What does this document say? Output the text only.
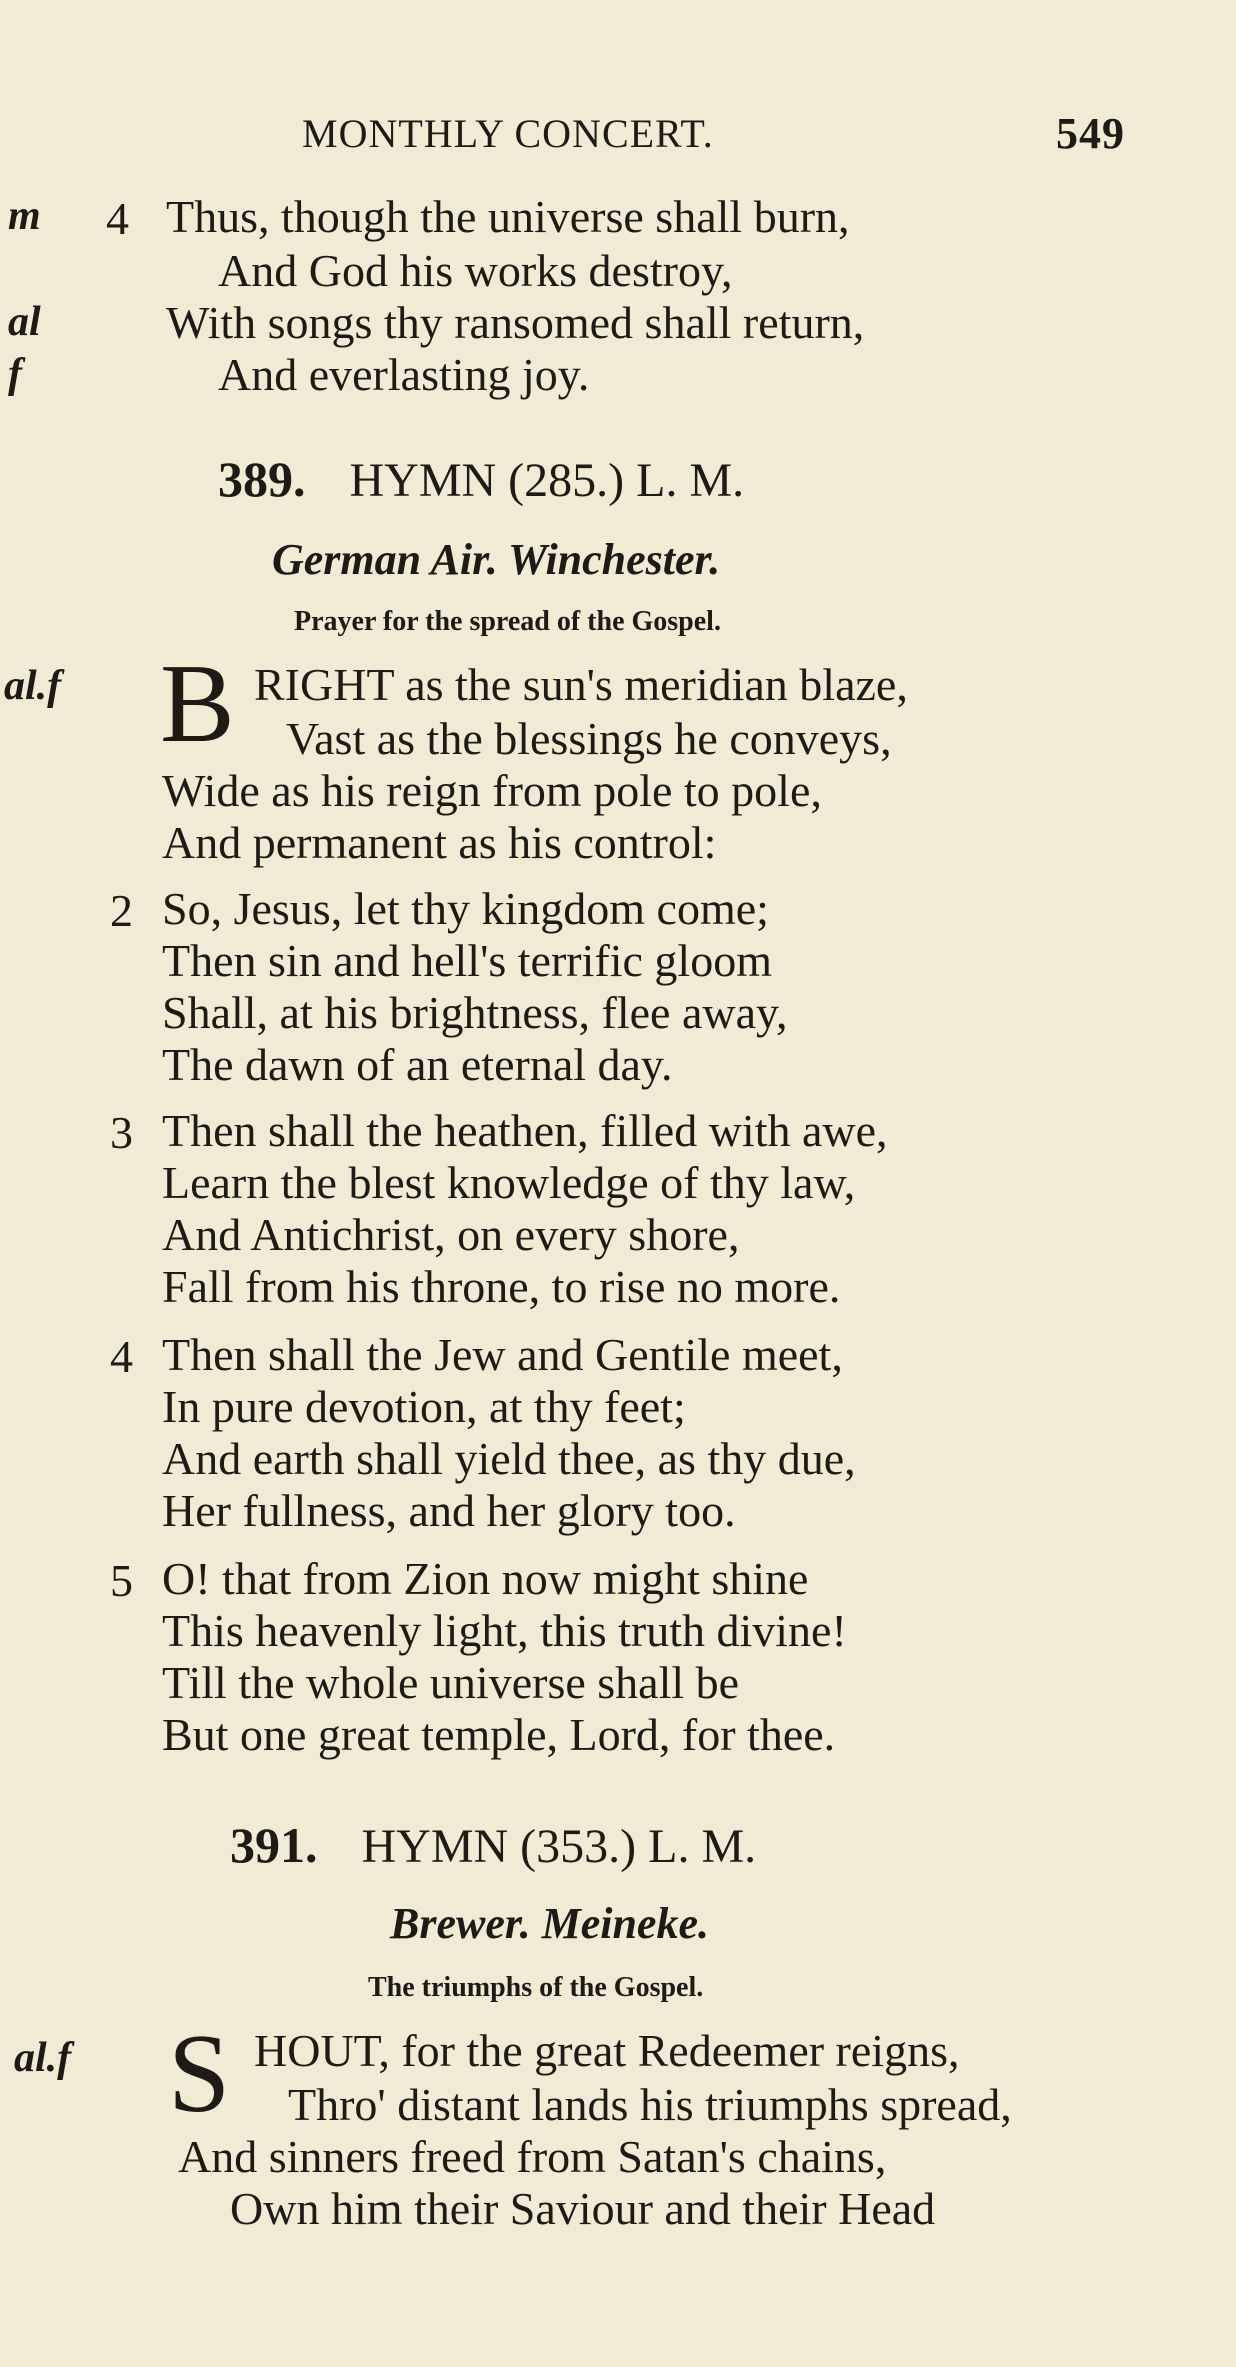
MONTHLY CONCERT.	549
m 4 Thus, though the universe shall burn,
And God his works destroy,
al	With songs thy ransomed shall return,
f	And everlasting joy.
389. HYMN (285.) L. M.
German Air. Winchester.
Prayer for the spread of the Gospel.
al.f B RIGHT as the sun's meridian blaze,
Vast as the blessings he conveys,
Wide as his reign from pole to pole,
And permanent as his control:
2 So, Jesus, let thy kingdom come;
Then sin and hell's terrific gloom
Shall, at his brightness, flee away,
The dawn of an eternal day.
3 Then shall the heathen, filled with awe,
Learn the blest knowledge of thy law,
And Antichrist, on every shore,
Fall from his throne, to rise no more.
4 Then shall the Jew and Gentile meet,
In pure devotion, at thy feet;
And earth shall yield thee, as thy due,
Her fullness, and her glory too.
5 O! that from Zion now might shine
This heavenly light, this truth divine!
Till the whole universe shall be
But one great temple, Lord, for thee.
391. HYMN (353.) L. M.
Brewer. Meineke.
The triumphs of the Gospel.
al.f S HOUT, for the great Redeemer reigns,
Thro' distant lands his triumphs spread,
And sinners freed from Satan's chains,
Own him their Saviour and their Head
